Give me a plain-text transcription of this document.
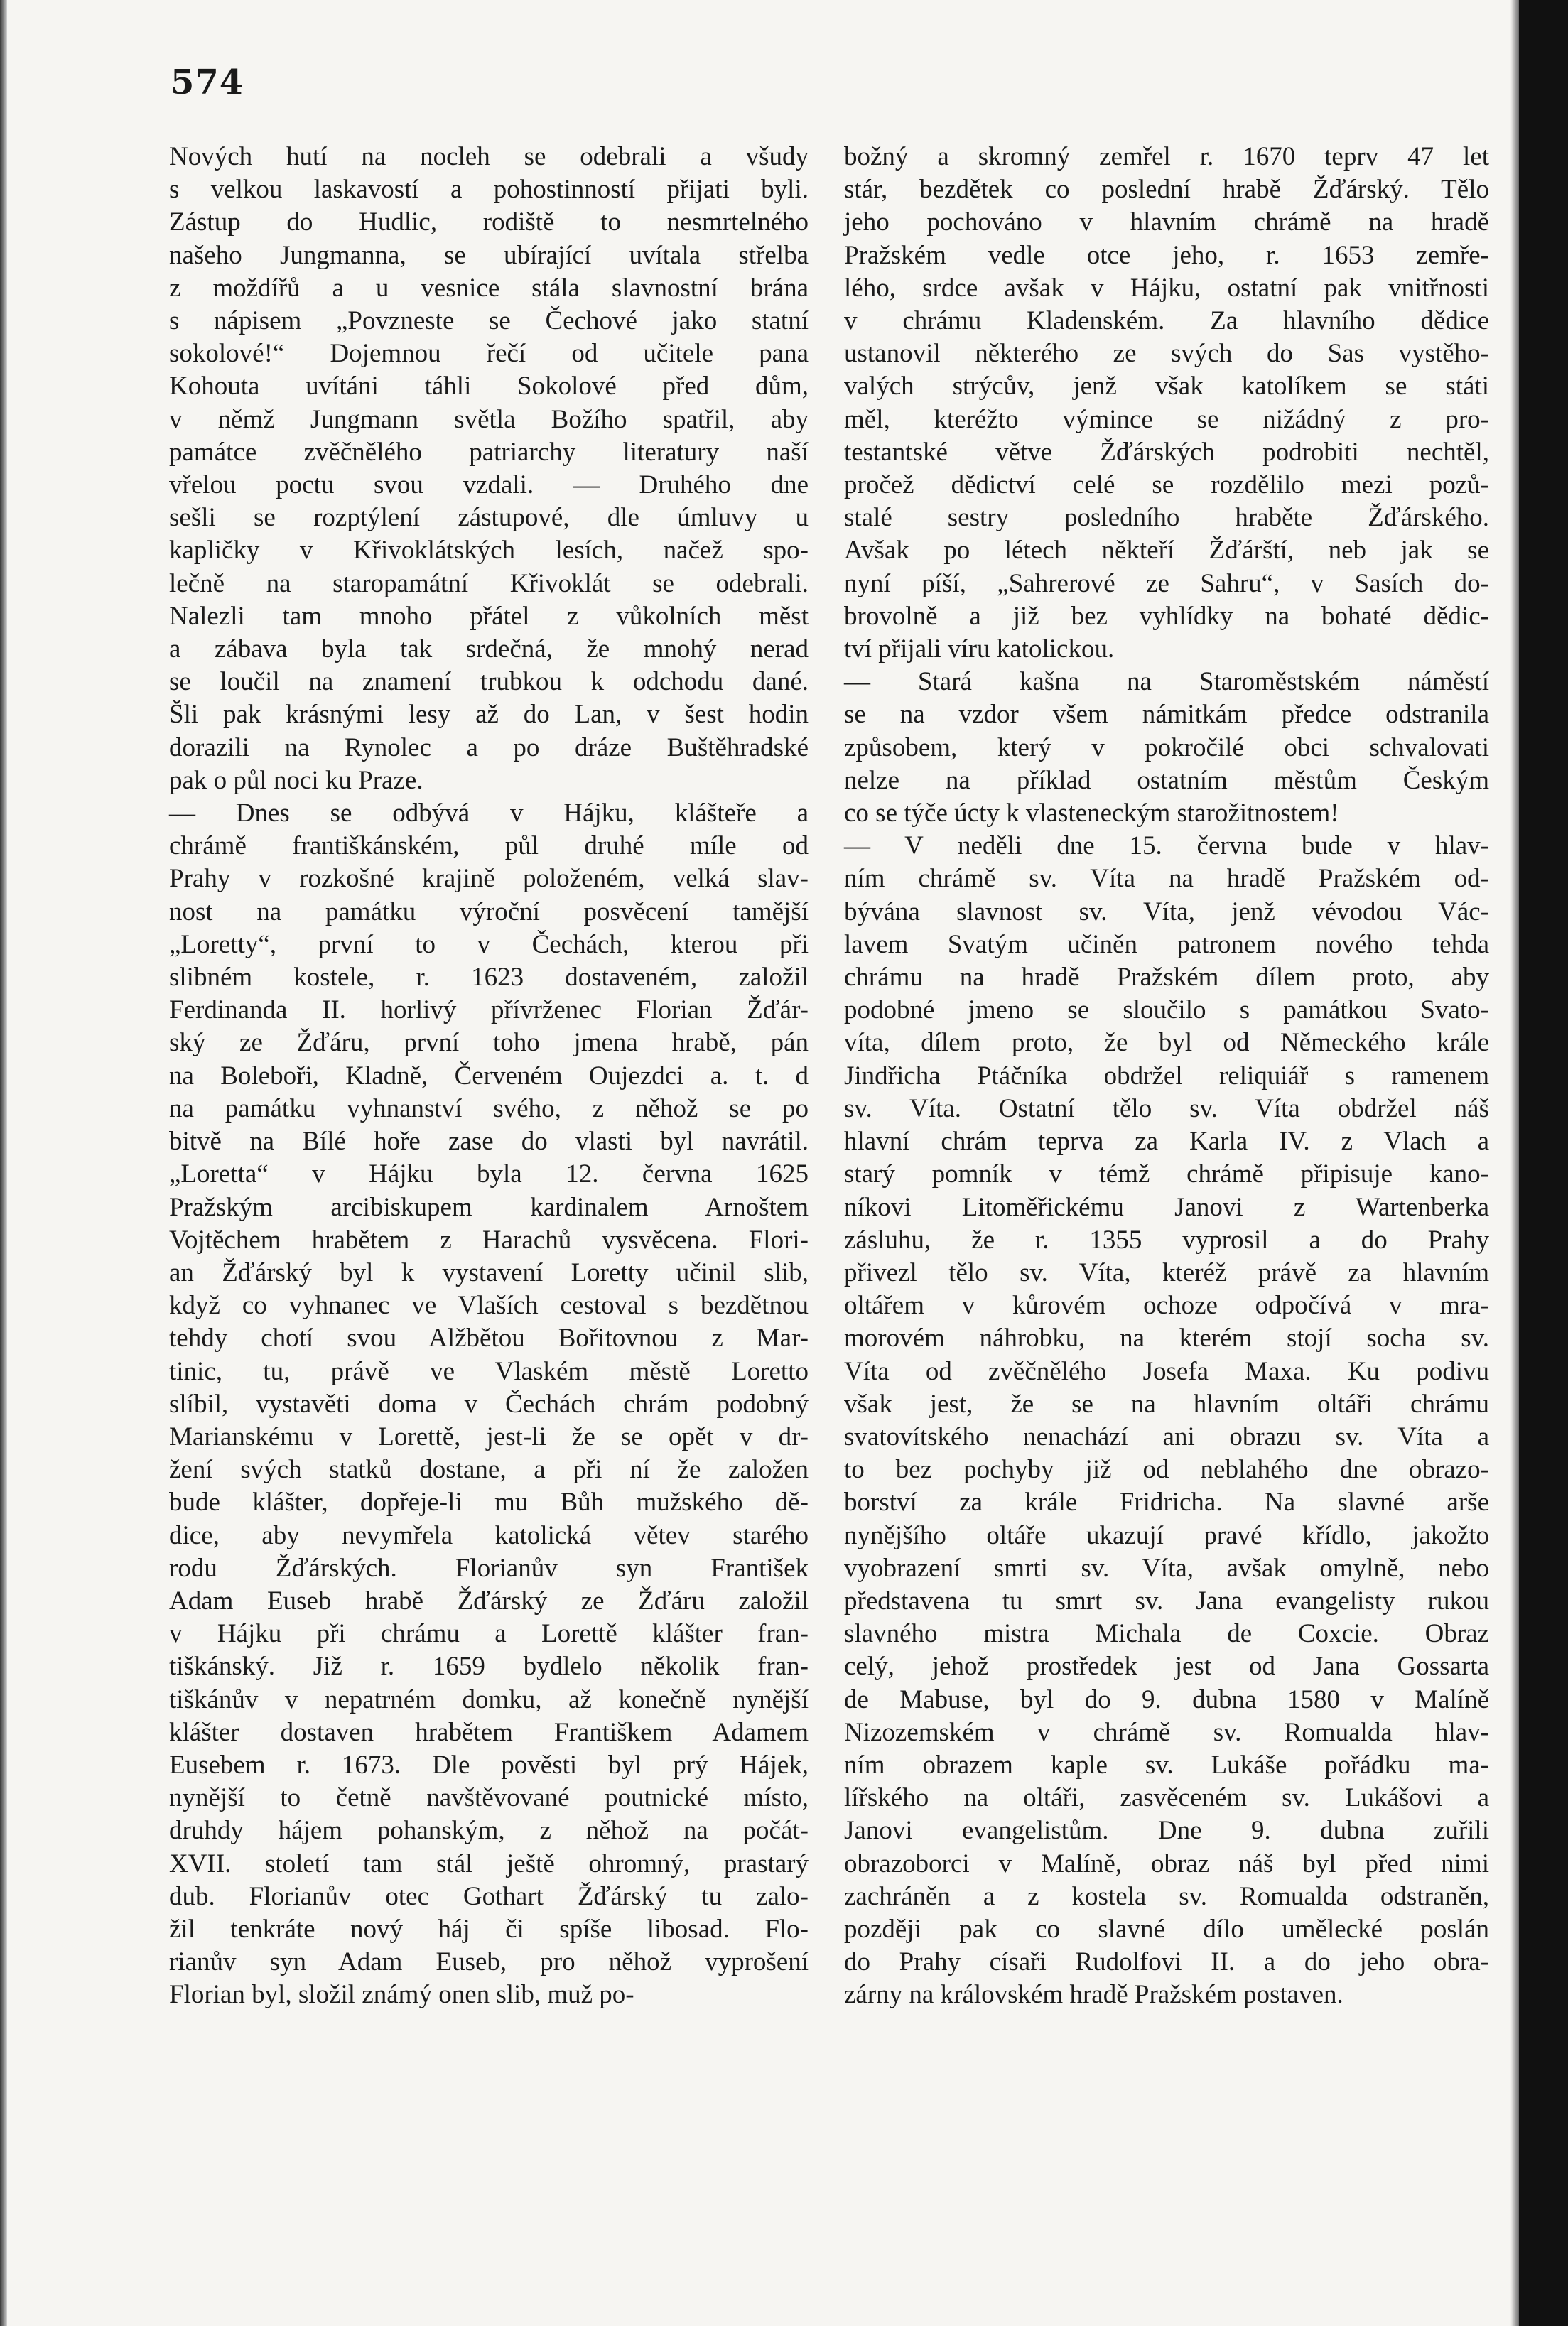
574
Nových hutí na nocleh se odebrali a všudy
s velkou laskavostí a pohostinností přijati byli.
Zástup do Hudlic, rodiště to nesmrtelného
našeho Jungmanna, se ubírající uvítala střelba
z moždířů a u vesnice stála slavnostní brána
s nápisem „Povzneste se Čechové jako statní
sokolové!“ Dojemnou řečí od učitele pana
Kohouta uvítáni táhli Sokolové před dům,
v němž Jungmann světla Božího spatřil, aby
památce zvěčnělého patriarchy literatury naší
vřelou poctu svou vzdali. — Druhého dne
sešli se rozptýlení zástupové, dle úmluvy u
kapličky v Křivoklátských lesích, načež spo-
lečně na staropamátní Křivoklát se odebrali.
Nalezli tam mnoho přátel z vůkolních měst
a zábava byla tak srdečná, že mnohý nerad
se loučil na znamení trubkou k odchodu dané.
Šli pak krásnými lesy až do Lan, v šest hodin
dorazili na Rynolec a po dráze Buštěhradské
pak o půl noci ku Praze.
— Dnes se odbývá v Hájku, klášteře a
chrámě františkánském, půl druhé míle od
Prahy v rozkošné krajině položeném, velká slav-
nost na památku výroční posvěcení tamější
„Loretty“, první to v Čechách, kterou při
slibném kostele, r. 1623 dostaveném, založil
Ferdinanda II. horlivý přívrženec Florian Žďár-
ský ze Žďáru, první toho jmena hrabě, pán
na Boleboři, Kladně, Červeném Oujezdci a. t. d
na památku vyhnanství svého, z něhož se po
bitvě na Bílé hoře zase do vlasti byl navrátil.
„Loretta“ v Hájku byla 12. června 1625
Pražským arcibiskupem kardinalem Arnoštem
Vojtěchem hrabětem z Harachů vysvěcena. Flori-
an Žďárský byl k vystavení Loretty učinil slib,
když co vyhnanec ve Vlaších cestoval s bezdětnou
tehdy chotí svou Alžbětou Bořitovnou z Mar-
tinic, tu, právě ve Vlaském městě Loretto
slíbil, vystavěti doma v Čechách chrám podobný
Marianskému v Lorettě, jest-li že se opět v dr-
žení svých statků dostane, a při ní že založen
bude klášter, dopřeje-li mu Bůh mužského dě-
dice, aby nevymřela katolická větev starého
rodu Žďárských. Florianův syn František
Adam Euseb hrabě Žďárský ze Žďáru založil
v Hájku při chrámu a Lorettě klášter fran-
tiškánský. Již r. 1659 bydlelo několik fran-
tiškánův v nepatrném domku, až konečně nynější
klášter dostaven hrabětem Františkem Adamem
Eusebem r. 1673. Dle pověsti byl prý Hájek,
nynější to četně navštěvované poutnické místo,
druhdy hájem pohanským, z něhož na počát-
XVII. století tam stál ještě ohromný, prastarý
dub. Florianův otec Gothart Žďárský tu zalo-
žil tenkráte nový háj či spíše libosad. Flo-
rianův syn Adam Euseb, pro něhož vyprošení
Florian byl, složil známý onen slib, muž po-
božný a skromný zemřel r. 1670 teprv 47 let
stár, bezdětek co poslední hrabě Žďárský. Tělo
jeho pochováno v hlavním chrámě na hradě
Pražském vedle otce jeho, r. 1653 zemře-
lého, srdce avšak v Hájku, ostatní pak vnitřnosti
v chrámu Kladenském. Za hlavního dědice
ustanovil některého ze svých do Sas vystěho-
valých strýcův, jenž však katolíkem se státi
měl, kteréžto výmince se nižádný z pro-
testantské větve Žďárských podrobiti nechtěl,
pročež dědictví celé se rozdělilo mezi pozů-
stalé sestry posledního hraběte Žďárského.
Avšak po létech někteří Žďárští, neb jak se
nyní píší, „Sahrerové ze Sahru“, v Sasích do-
brovolně a již bez vyhlídky na bohaté dědic-
tví přijali víru katolickou.
— Stará kašna na Staroměstském náměstí
se na vzdor všem námitkám předce odstranila
způsobem, který v pokročilé obci schvalovati
nelze na příklad ostatním městům Českým
co se týče úcty k vlasteneckým starožitnostem!
— V neděli dne 15. června bude v hlav-
ním chrámě sv. Víta na hradě Pražském od-
bývána slavnost sv. Víta, jenž vévodou Vác-
lavem Svatým učiněn patronem nového tehda
chrámu na hradě Pražském dílem proto, aby
podobné jmeno se sloučilo s památkou Svato-
víta, dílem proto, že byl od Německého krále
Jindřicha Ptáčníka obdržel reliquiář s ramenem
sv. Víta. Ostatní tělo sv. Víta obdržel náš
hlavní chrám teprva za Karla IV. z Vlach a
starý pomník v témž chrámě připisuje kano-
níkovi Litoměřickému Janovi z Wartenberka
zásluhu, že r. 1355 vyprosil a do Prahy
přivezl tělo sv. Víta, kteréž právě za hlavním
oltářem v kůrovém ochoze odpočívá v mra-
morovém náhrobku, na kterém stojí socha sv.
Víta od zvěčnělého Josefa Maxa. Ku podivu
však jest, že se na hlavním oltáři chrámu
svatovítského nenachází ani obrazu sv. Víta a
to bez pochyby již od neblahého dne obrazo-
borství za krále Fridricha. Na slavné arše
nynějšího oltáře ukazují pravé křídlo, jakožto
vyobrazení smrti sv. Víta, avšak omylně, nebo
představena tu smrt sv. Jana evangelisty rukou
slavného mistra Michala de Coxcie. Obraz
celý, jehož prostředek jest od Jana Gossarta
de Mabuse, byl do 9. dubna 1580 v Malíně
Nizozemském v chrámě sv. Romualda hlav-
ním obrazem kaple sv. Lukáše pořádku ma-
lířského na oltáři, zasvěceném sv. Lukášovi a
Janovi evangelistům. Dne 9. dubna zuřili
obrazoborci v Malíně, obraz náš byl před nimi
zachráněn a z kostela sv. Romualda odstraněn,
později pak co slavné dílo umělecké poslán
do Prahy císaři Rudolfovi II. a do jeho obra-
zárny na královském hradě Pražském postaven.
